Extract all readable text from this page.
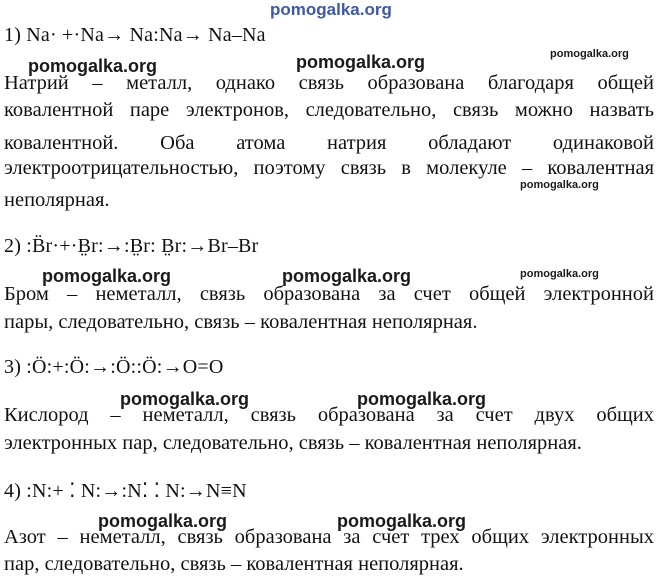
pomogalka.org
pomogalka.org	pomogalka.org	pomogalka.org
pomogalka.org
pomogalka.org	pomogalka.org	pomogalka.org
pomogalka.org	pomogalka.org
pomogalka.org	pomogalka.org
1) Na· +·Na→ Na:Na→ Na–Na
Натрий – металл, однако связь образована благодаря общей
ковалентной паре электронов, следовательно, связь можно назвать
ковалентной. Оба атома натрия обладают одинаковой
электроотрицательностью, поэтому связь в молекуле – ковалентная
неполярная.
2) :B̈r·+·B̤r:→:B̤r: B̤r:→Br–Br
Бром – неметалл, связь образована за счет общей электронной
пары, следовательно, связь – ковалентная неполярная.
3) :Ö:+:Ö:→:Ö::Ö:→O=O
Кислород – неметалл, связь образована за счет двух общих
электронных пар, следовательно, связь – ковалентная неполярная.
4) :N:+ ⁚ N:→:N⁚ ⁚ N:→N≡N
Азот – неметалл, связь образована за счет трех общих электронных
пар, следовательно, связь – ковалентная неполярная.
